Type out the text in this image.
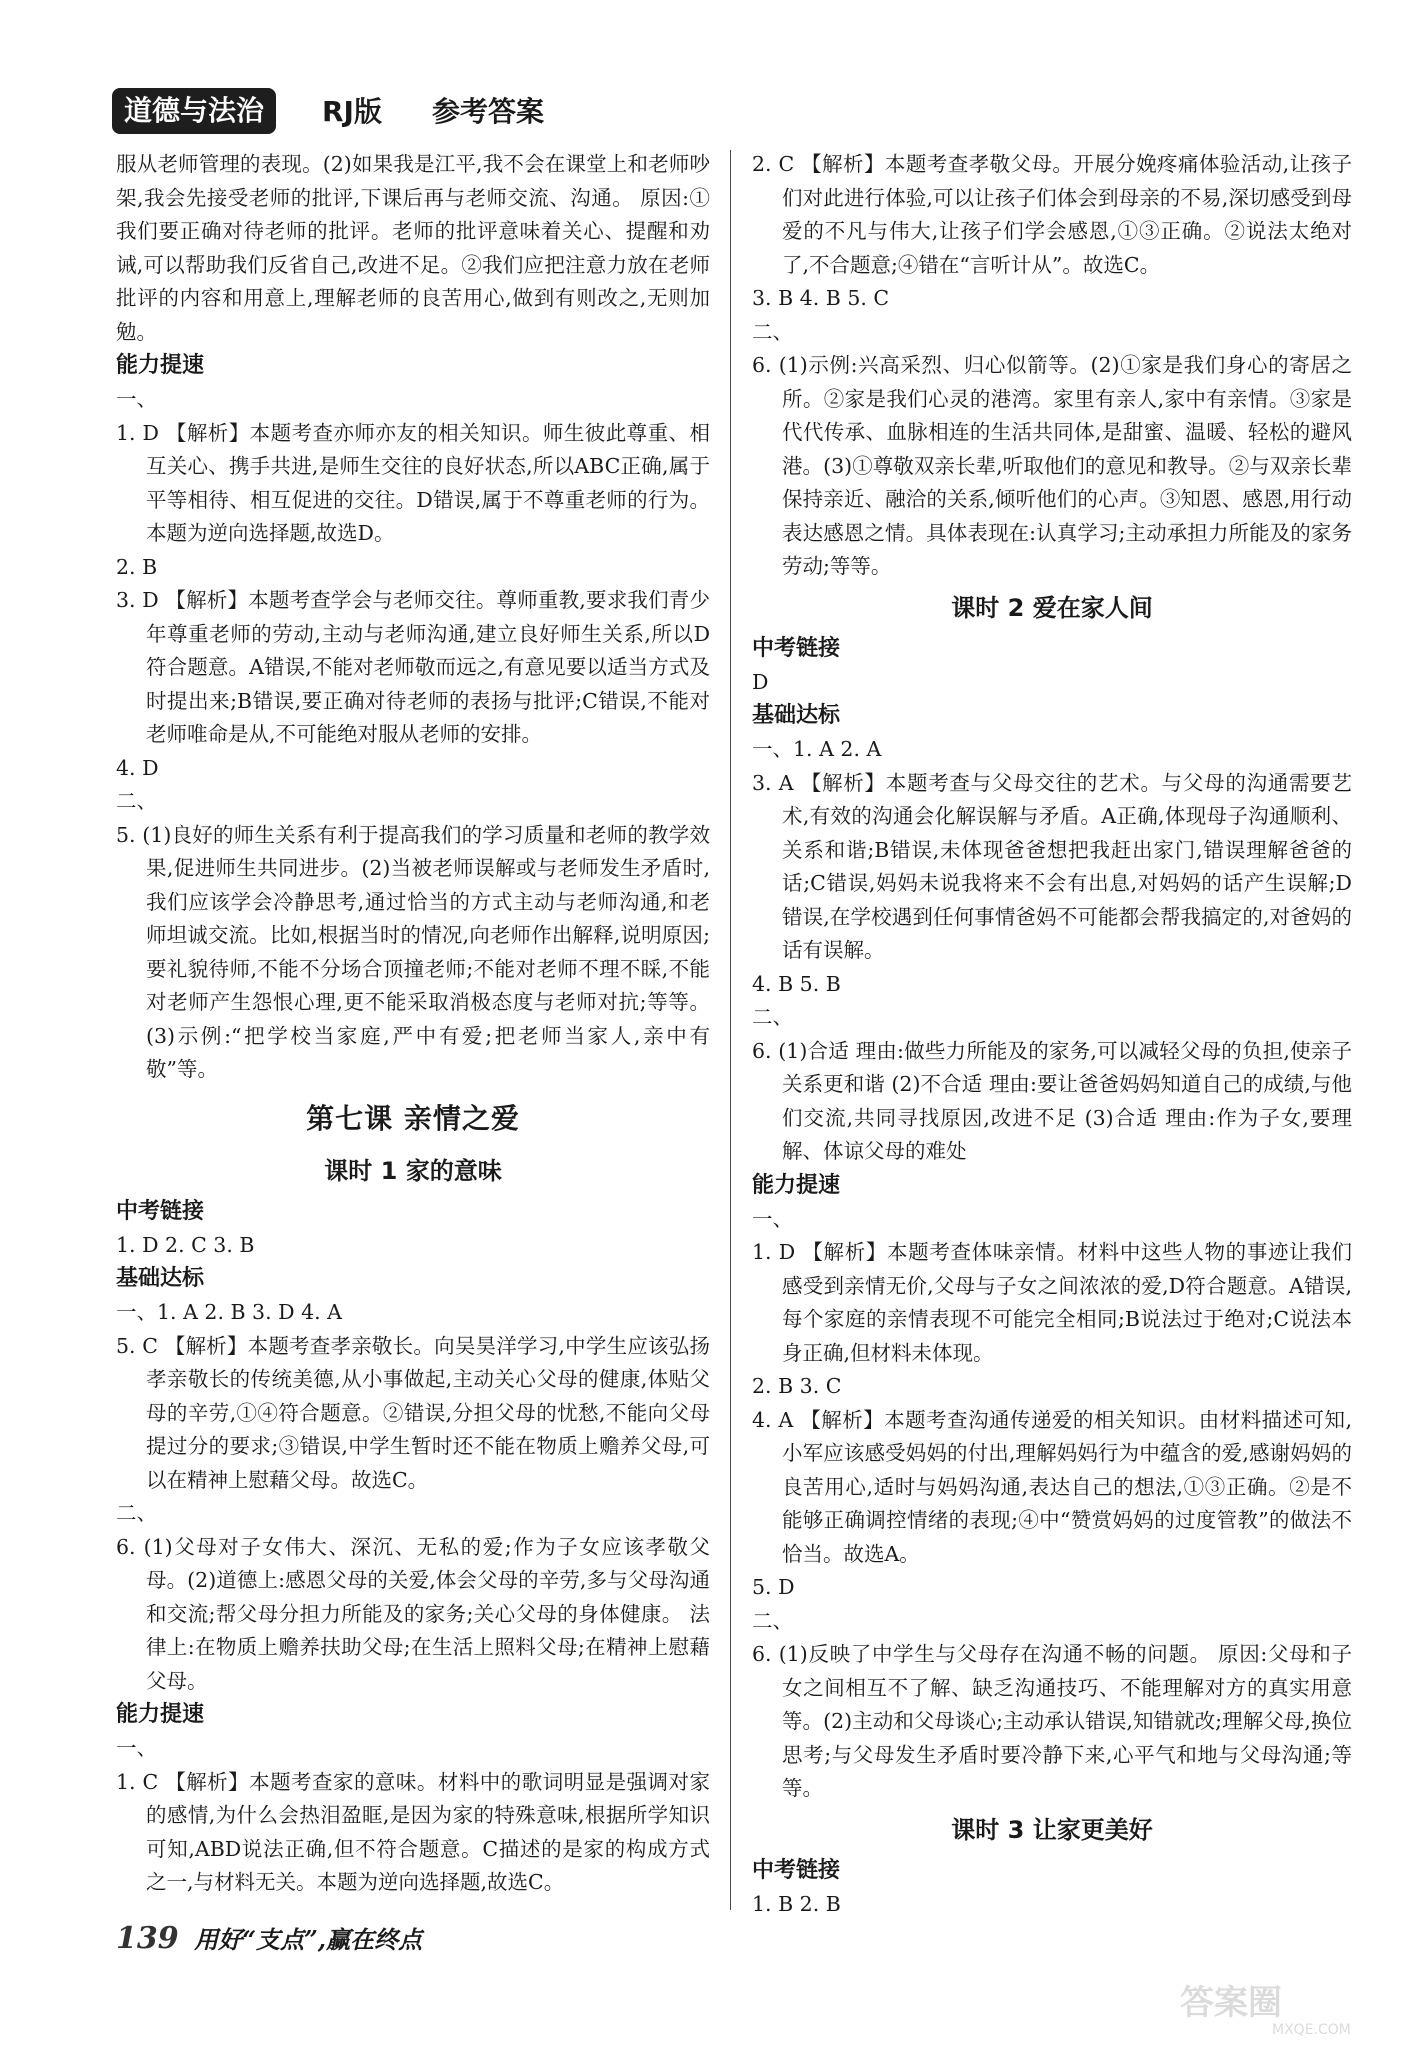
道德与法治	RJ版 参考答案

服从老师管理的表现。(2)如果我是江平,我不会在课堂上和老师吵架,我会先接受老师的批评,下课后再与老师交流、沟通。 原因:①我们要正确对待老师的批评。老师的批评意味着关心、提醒和劝诫,可以帮助我们反省自己,改进不足。②我们应把注意力放在老师批评的内容和用意上,理解老师的良苦用心,做到有则改之,无则加勉。

能力提速

一、

1. D 【解析】本题考查亦师亦友的相关知识。师生彼此尊重、相互关心、携手共进,是师生交往的良好状态,所以ABC正确,属于平等相待、相互促进的交往。D错误,属于不尊重老师的行为。本题为逆向选择题,故选D。

2. B

3. D 【解析】本题考查学会与老师交往。尊师重教,要求我们青少年尊重老师的劳动,主动与老师沟通,建立良好师生关系,所以D符合题意。A错误,不能对老师敬而远之,有意见要以适当方式及时提出来;B错误,要正确对待老师的表扬与批评;C错误,不能对老师唯命是从,不可能绝对服从老师的安排。

4. D

二、

5. (1)良好的师生关系有利于提高我们的学习质量和老师的教学效果,促进师生共同进步。(2)当被老师误解或与老师发生矛盾时,我们应该学会冷静思考,通过恰当的方式主动与老师沟通,和老师坦诚交流。比如,根据当时的情况,向老师作出解释,说明原因;要礼貌待师,不能不分场合顶撞老师;不能对老师不理不睬,不能对老师产生怨恨心理,更不能采取消极态度与老师对抗;等等。(3)示例:“把学校当家庭,严中有爱;把老师当家人,亲中有敬”等。

第七课 亲情之爱

课时 1 家的意味

中考链接

1. D 2. C 3. B

基础达标

一、1. A 2. B 3. D 4. A

5. C 【解析】本题考查孝亲敬长。向吴昊洋学习,中学生应该弘扬孝亲敬长的传统美德,从小事做起,主动关心父母的健康,体贴父母的辛劳,①④符合题意。②错误,分担父母的忧愁,不能向父母提过分的要求;③错误,中学生暂时还不能在物质上赡养父母,可以在精神上慰藉父母。故选C。

二、

6. (1)父母对子女伟大、深沉、无私的爱;作为子女应该孝敬父母。(2)道德上:感恩父母的关爱,体会父母的辛劳,多与父母沟通和交流;帮父母分担力所能及的家务;关心父母的身体健康。 法律上:在物质上赡养扶助父母;在生活上照料父母;在精神上慰藉父母。

能力提速

一、

1. C 【解析】本题考查家的意味。材料中的歌词明显是强调对家的感情,为什么会热泪盈眶,是因为家的特殊意味,根据所学知识可知,ABD说法正确,但不符合题意。C描述的是家的构成方式之一,与材料无关。本题为逆向选择题,故选C。

2. C 【解析】本题考查孝敬父母。开展分娩疼痛体验活动,让孩子们对此进行体验,可以让孩子们体会到母亲的不易,深切感受到母爱的不凡与伟大,让孩子们学会感恩,①③正确。②说法太绝对了,不合题意;④错在“言听计从”。故选C。

3. B 4. B 5. C

二、

6. (1)示例:兴高采烈、归心似箭等。(2)①家是我们身心的寄居之所。②家是我们心灵的港湾。家里有亲人,家中有亲情。③家是代代传承、血脉相连的生活共同体,是甜蜜、温暖、轻松的避风港。(3)①尊敬双亲长辈,听取他们的意见和教导。②与双亲长辈保持亲近、融洽的关系,倾听他们的心声。③知恩、感恩,用行动表达感恩之情。具体表现在:认真学习;主动承担力所能及的家务劳动;等等。

课时 2 爱在家人间

中考链接

D

基础达标

一、1. A 2. A

3. A 【解析】本题考查与父母交往的艺术。与父母的沟通需要艺术,有效的沟通会化解误解与矛盾。A正确,体现母子沟通顺利、关系和谐;B错误,未体现爸爸想把我赶出家门,错误理解爸爸的话;C错误,妈妈未说我将来不会有出息,对妈妈的话产生误解;D错误,在学校遇到任何事情爸妈不可能都会帮我搞定的,对爸妈的话有误解。

4. B 5. B

二、

6. (1)合适 理由:做些力所能及的家务,可以减轻父母的负担,使亲子关系更和谐 (2)不合适 理由:要让爸爸妈妈知道自己的成绩,与他们交流,共同寻找原因,改进不足 (3)合适 理由:作为子女,要理解、体谅父母的难处

能力提速

一、

1. D 【解析】本题考查体味亲情。材料中这些人物的事迹让我们感受到亲情无价,父母与子女之间浓浓的爱,D符合题意。A错误,每个家庭的亲情表现不可能完全相同;B说法过于绝对;C说法本身正确,但材料未体现。

2. B 3. C

4. A 【解析】本题考查沟通传递爱的相关知识。由材料描述可知,小军应该感受妈妈的付出,理解妈妈行为中蕴含的爱,感谢妈妈的良苦用心,适时与妈妈沟通,表达自己的想法,①③正确。②是不能够正确调控情绪的表现;④中“赞赏妈妈的过度管教”的做法不恰当。故选A。

5. D

二、

6. (1)反映了中学生与父母存在沟通不畅的问题。 原因:父母和子女之间相互不了解、缺乏沟通技巧、不能理解对方的真实用意等。(2)主动和父母谈心;主动承认错误,知错就改;理解父母,换位思考;与父母发生矛盾时要冷静下来,心平气和地与父母沟通;等等。

课时 3 让家更美好

中考链接

1. B 2. B

139 用好“支点”,赢在终点
答案圈
MXQE.COM
